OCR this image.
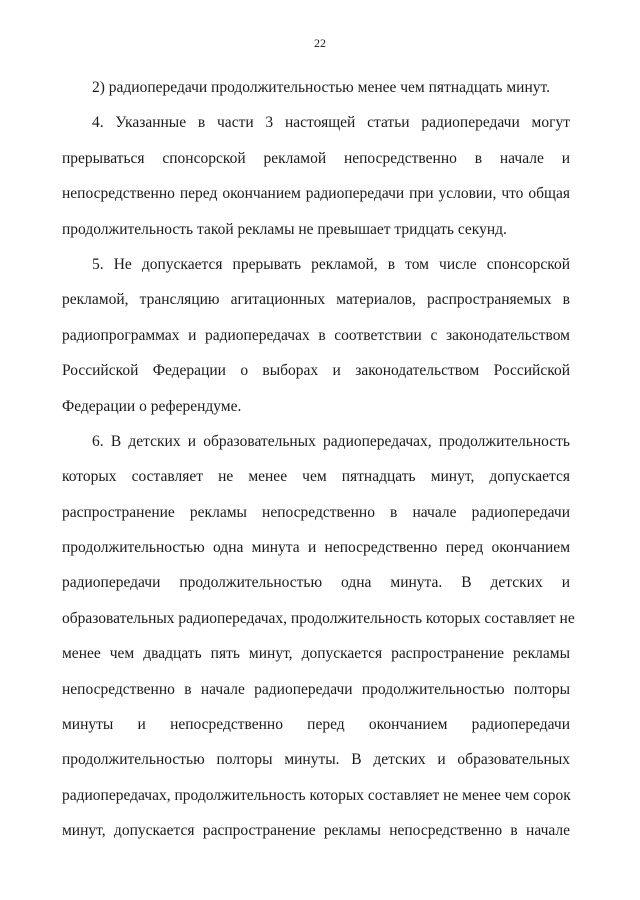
22
2) радиопередачи продолжительностью менее чем пятнадцать минут.
4. Указанные в части 3 настоящей статьи радиопередачи могут
прерываться спонсорской рекламой непосредственно в начале и
непосредственно перед окончанием радиопередачи при условии, что общая
продолжительность такой рекламы не превышает тридцать секунд.
5. Не допускается прерывать рекламой, в том числе спонсорской
рекламой, трансляцию агитационных материалов, распространяемых в
радиопрограммах и радиопередачах в соответствии с законодательством
Российской Федерации о выборах и законодательством Российской
Федерации о референдуме.
6. В детских и образовательных радиопередачах, продолжительность
которых составляет не менее чем пятнадцать минут, допускается
распространение рекламы непосредственно в начале радиопередачи
продолжительностью одна минута и непосредственно перед окончанием
радиопередачи продолжительностью одна минута. В детских и
образовательных радиопередачах, продолжительность которых составляет не
менее чем двадцать пять минут, допускается распространение рекламы
непосредственно в начале радиопередачи продолжительностью полторы
минуты и непосредственно перед окончанием радиопередачи
продолжительностью полторы минуты. В детских и образовательных
радиопередачах, продолжительность которых составляет не менее чем сорок
минут, допускается распространение рекламы непосредственно в начале
